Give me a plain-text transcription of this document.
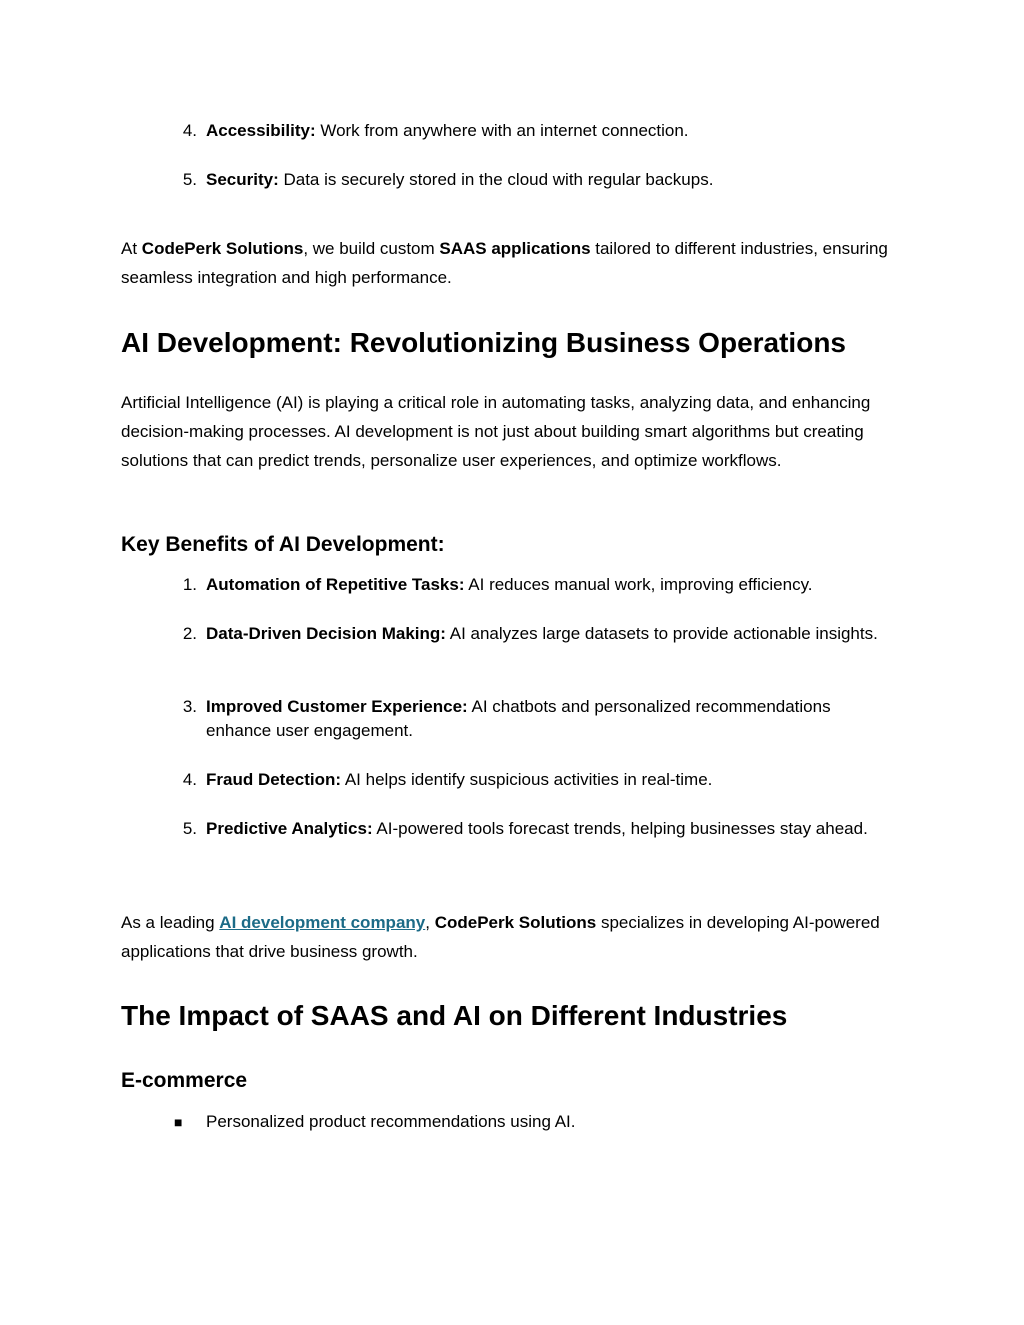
4. Accessibility: Work from anywhere with an internet connection.
5. Security: Data is securely stored in the cloud with regular backups.

At CodePerk Solutions, we build custom SAAS applications tailored to different industries, ensuring seamless integration and high performance.

AI Development: Revolutionizing Business Operations

Artificial Intelligence (AI) is playing a critical role in automating tasks, analyzing data, and enhancing decision-making processes. AI development is not just about building smart algorithms but creating solutions that can predict trends, personalize user experiences, and optimize workflows.

Key Benefits of AI Development:
1. Automation of Repetitive Tasks: AI reduces manual work, improving efficiency.
2. Data-Driven Decision Making: AI analyzes large datasets to provide actionable insights.
3. Improved Customer Experience: AI chatbots and personalized recommendations enhance user engagement.
4. Fraud Detection: AI helps identify suspicious activities in real-time.
5. Predictive Analytics: AI-powered tools forecast trends, helping businesses stay ahead.

As a leading AI development company, CodePerk Solutions specializes in developing AI-powered applications that drive business growth.

The Impact of SAAS and AI on Different Industries
E-commerce
■ Personalized product recommendations using AI.
